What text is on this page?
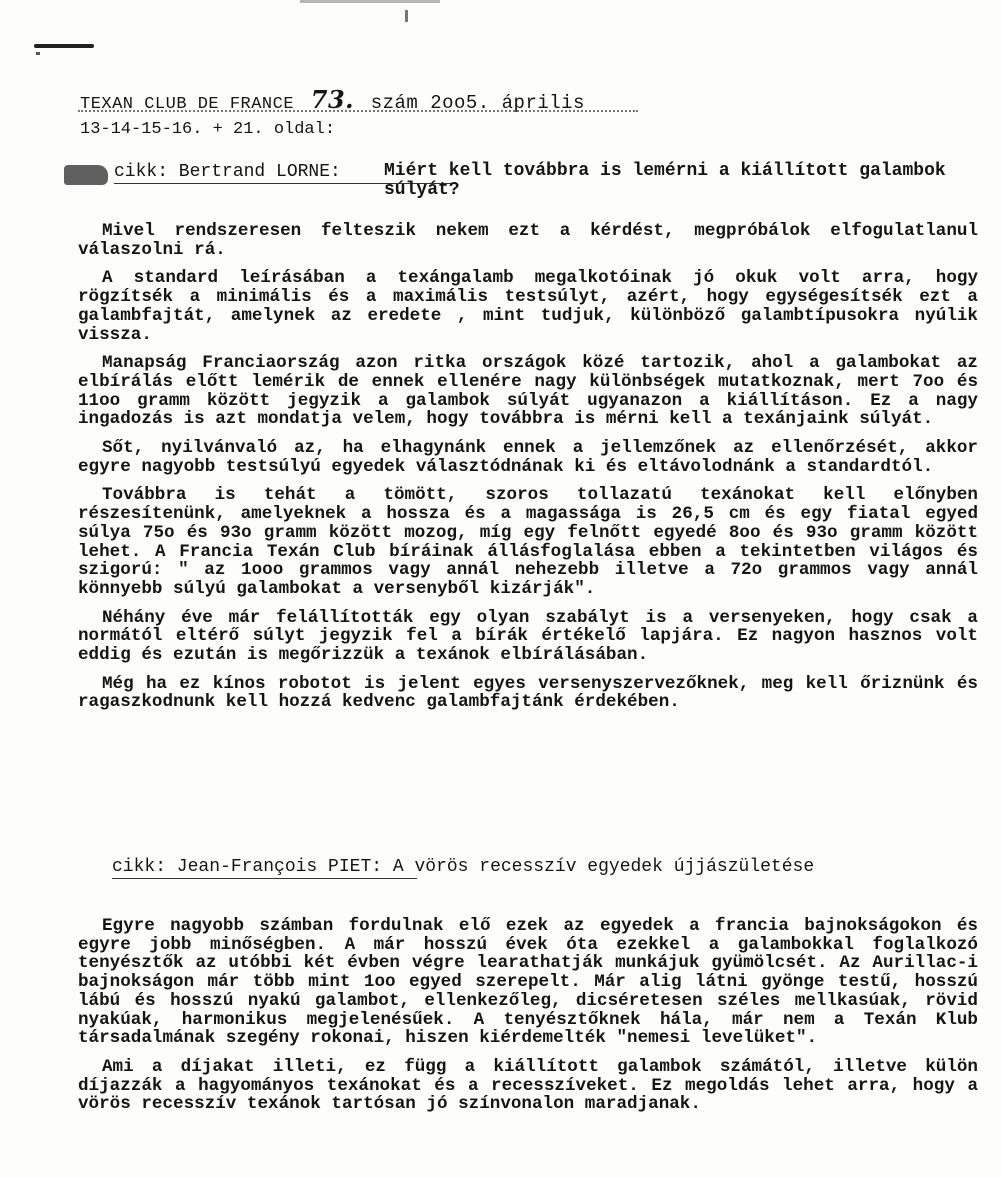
TEXAN CLUB DE FRANCE 73. szám 2oo5. április
13-14-15-16. + 21. oldal:
cikk: Bertrand LORNE: Miért kell továbbra is lemérni a kiállított galambok súlyát?

Mivel rendszeresen felteszik nekem ezt a kérdést, megpróbálok elfogulatlanul válaszolni rá.

A standard leírásában a texángalamb megalkotóinak jó okuk volt arra, hogy rögzítsék a minimális és a maximális testsúlyt, azért, hogy egységesítsék ezt a galambfajtát, amelynek az eredete , mint tudjuk, különböző galambtípusokra nyúlik vissza.

Manapság Franciaország azon ritka országok közé tartozik, ahol a galambokat az elbírálás előtt lemérik de ennek ellenére nagy különbségek mutatkoznak, mert 7oo és 11oo gramm között jegyzik a galambok súlyát ugyanazon a kiállításon. Ez a nagy ingadozás is azt mondatja velem, hogy továbbra is mérni kell a texánjaink súlyát.

Sőt, nyilvánvaló az, ha elhagynánk ennek a jellemzőnek az ellenőrzését, akkor egyre nagyobb testsúlyú egyedek választódnának ki és eltávolodnánk a standardtól.

Továbbra is tehát a tömött, szoros tollazatú texánokat kell előnyben részesítenünk, amelyeknek a hossza és a magassága is 26,5 cm és egy fiatal egyed súlya 75o és 93o gramm között mozog, míg egy felnőtt egyedé 8oo és 93o gramm között lehet. A Francia Texán Club bíráinak állásfoglalása ebben a tekintetben világos és szigorú: " az 1ooo grammos vagy annál nehezebb illetve a 72o grammos vagy annál könnyebb súlyú galambokat a versenyből kizárják".

Néhány éve már felállították egy olyan szabályt is a versenyeken, hogy csak a normától eltérő súlyt jegyzik fel a bírák értékelő lapjára. Ez nagyon hasznos volt eddig és ezután is megőrizzük a texánok elbírálásában.

Még ha ez kínos robotot is jelent egyes versenyszervezőknek, meg kell őriznünk és ragaszkodnunk kell hozzá kedvenc galambfajtánk érdekében.

cikk: Jean-François PIET: A vörös recesszív egyedek újjászületése

Egyre nagyobb számban fordulnak elő ezek az egyedek a francia bajnokságokon és egyre jobb minőségben. A már hosszú évek óta ezekkel a galambokkal foglalkozó tenyésztők az utóbbi két évben végre learathatják munkájuk gyümölcsét. Az Aurillac-i bajnokságon már több mint 1oo egyed szerepelt. Már alig látni gyönge testű, hosszú lábú és hosszú nyakú galambot, ellenkezőleg, dicséretesen széles mellkasúak, rövid nyakúak, harmonikus megjelenésűek. A tenyésztőknek hála, már nem a Texán Klub társadalmának szegény rokonai, hiszen kiérdemelték "nemesi levelüket".

Ami a díjakat illeti, ez függ a kiállított galambok számától, illetve külön díjazzák a hagyományos texánokat és a recesszíveket. Ez megoldás lehet arra, hogy a vörös recesszív texánok tartósan jó színvonalon maradjanak.
